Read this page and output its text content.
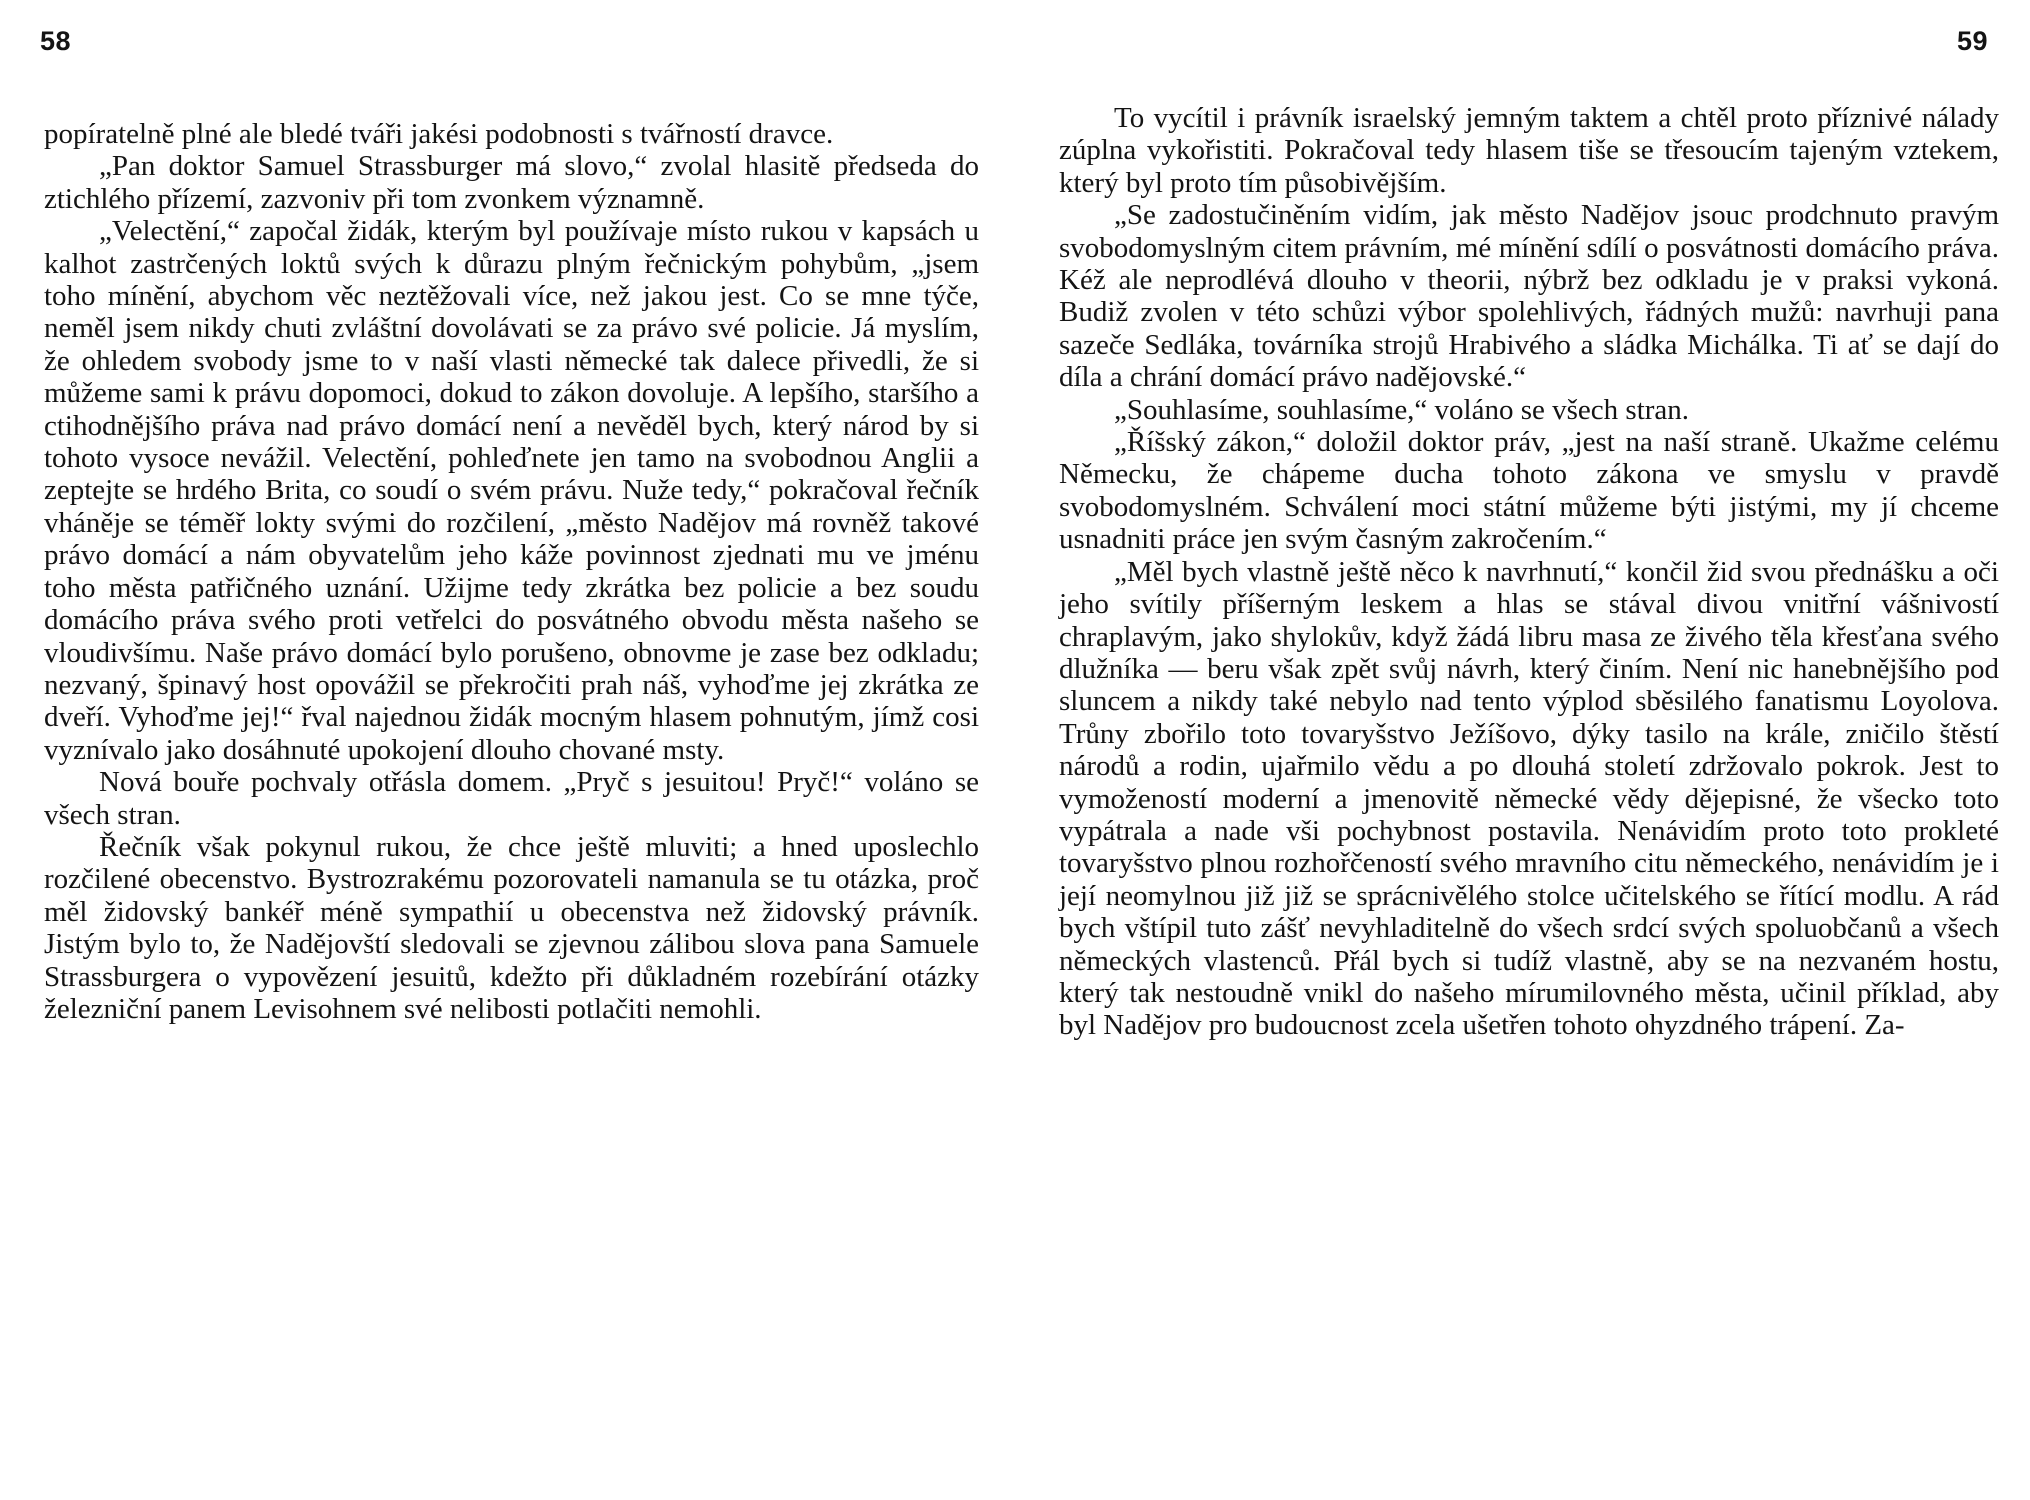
58

popíratelně plné ale bledé tváři jakési podobnosti s tvářností dravce.

„Pan doktor Samuel Strassburger má slovo,“ zvolal hlasitě předseda do ztichlého přízemí, zazvoniv při tom zvonkem významně.

„Velectění,“ započal židák, kterým byl používaje místo rukou v kapsách u kalhot zastrčených loktů svých k důrazu plným řečnickým pohybům, „jsem toho mínění, abychom věc neztěžovali více, než jakou jest. Co se mne týče, neměl jsem nikdy chuti zvláštní dovolávati se za právo své policie. Já myslím, že ohledem svobody jsme to v naší vlasti německé tak dalece přivedli, že si můžeme sami k právu dopomoci, dokud to zákon dovoluje. A lepšího, staršího a ctihodnějšího práva nad právo domácí není a nevěděl bych, který národ by si tohoto vysoce nevážil. Velectění, pohleďnete jen tamo na svobodnou Anglii a zeptejte se hrdého Brita, co soudí o svém právu. Nuže tedy,“ pokračoval řečník vháněje se téměř lokty svými do rozčilení, „město Nadějov má rovněž takové právo domácí a nám obyvatelům jeho káže povinnost zjednati mu ve jménu toho města patřičného uznání. Užijme tedy zkrátka bez policie a bez soudu domácího práva svého proti vetřelci do posvátného obvodu města našeho se vloudivšímu. Naše právo domácí bylo porušeno, obnovme je zase bez odkladu; nezvaný, špinavý host opovážil se překročiti prah náš, vyhoďme jej zkrátka ze dveří. Vyhoďme jej!“ řval najednou židák mocným hlasem pohnutým, jímž cosi vyznívalo jako dosáhnuté upokojení dlouho chované msty.

Nová bouře pochvaly otřásla domem. „Pryč s jesuitou! Pryč!“ voláno se všech stran.

Řečník však pokynul rukou, že chce ještě mluviti; a hned uposlechlo rozčilené obecenstvo. Bystrozrakému pozorovateli namanula se tu otázka, proč měl židovský bankéř méně sympathií u obecenstva než židovský právník. Jistým bylo to, že Nadějovští sledovali se zjevnou zálibou slova pana Samuele Strassburgera o vypovězení jesuitů, kdežto při důkladném rozebírání otázky železniční panem Levisohnem své nelibosti potlačiti nemohli.

59

To vycítil i právník israelský jemným taktem a chtěl proto příznivé nálady zúplna vykořistiti. Pokračoval tedy hlasem tiše se třesoucím tajeným vztekem, který byl proto tím působivějším.

„Se zadostučiněním vidím, jak město Nadějov jsouc prodchnuto pravým svobodomyslným citem právním, mé mínění sdílí o posvátnosti domácího práva. Kéž ale neprodlévá dlouho v theorii, nýbrž bez odkladu je v praksi vykoná. Budiž zvolen v této schůzi výbor spolehlivých, řádných mužů: navrhuji pana sazeče Sedláka, továrníka strojů Hrabivého a sládka Michálka. Ti ať se dají do díla a chrání domácí právo nadějovské.“

„Souhlasíme, souhlasíme,“ voláno se všech stran.

„Říšský zákon,“ doložil doktor práv, „jest na naší straně. Ukažme celému Německu, že chápeme ducha tohoto zákona ve smyslu v pravdě svobodomyslném. Schválení moci státní můžeme býti jistými, my jí chceme usnadniti práce jen svým časným zakročením.“

„Měl bych vlastně ještě něco k navrhnutí,“ končil žid svou přednášku a oči jeho svítily příšerným leskem a hlas se stával divou vnitřní vášnivostí chraplavým, jako shylokův, když žádá libru masa ze živého těla křesťana svého dlužníka — beru však zpět svůj návrh, který činím. Není nic hanebnějšího pod sluncem a nikdy také nebylo nad tento výplod sběsilého fanatismu Loyolova. Trůny zbořilo toto tovaryšstvo Ježíšovo, dýky tasilo na krále, zničilo štěstí národů a rodin, ujařmilo vědu a po dlouhá století zdržovalo pokrok. Jest to vymožeností moderní a jmenovitě německé vědy dějepisné, že všecko toto vypátrala a nade vši pochybnost postavila. Nenávidím proto toto prokleté tovaryšstvo plnou rozhořčeností svého mravního citu německého, nenávidím je i její neomylnou již již se sprácnivělého stolce učitelského se řítící modlu. A rád bych vštípil tuto zášť nevyhladitelně do všech srdcí svých spoluobčanů a všech německých vlastenců. Přál bych si tudíž vlastně, aby se na nezvaném hostu, který tak nestoudně vnikl do našeho mírumilovného města, učinil příklad, aby byl Nadějov pro budoucnost zcela ušetřen tohoto ohyzdného trápení. Za-
